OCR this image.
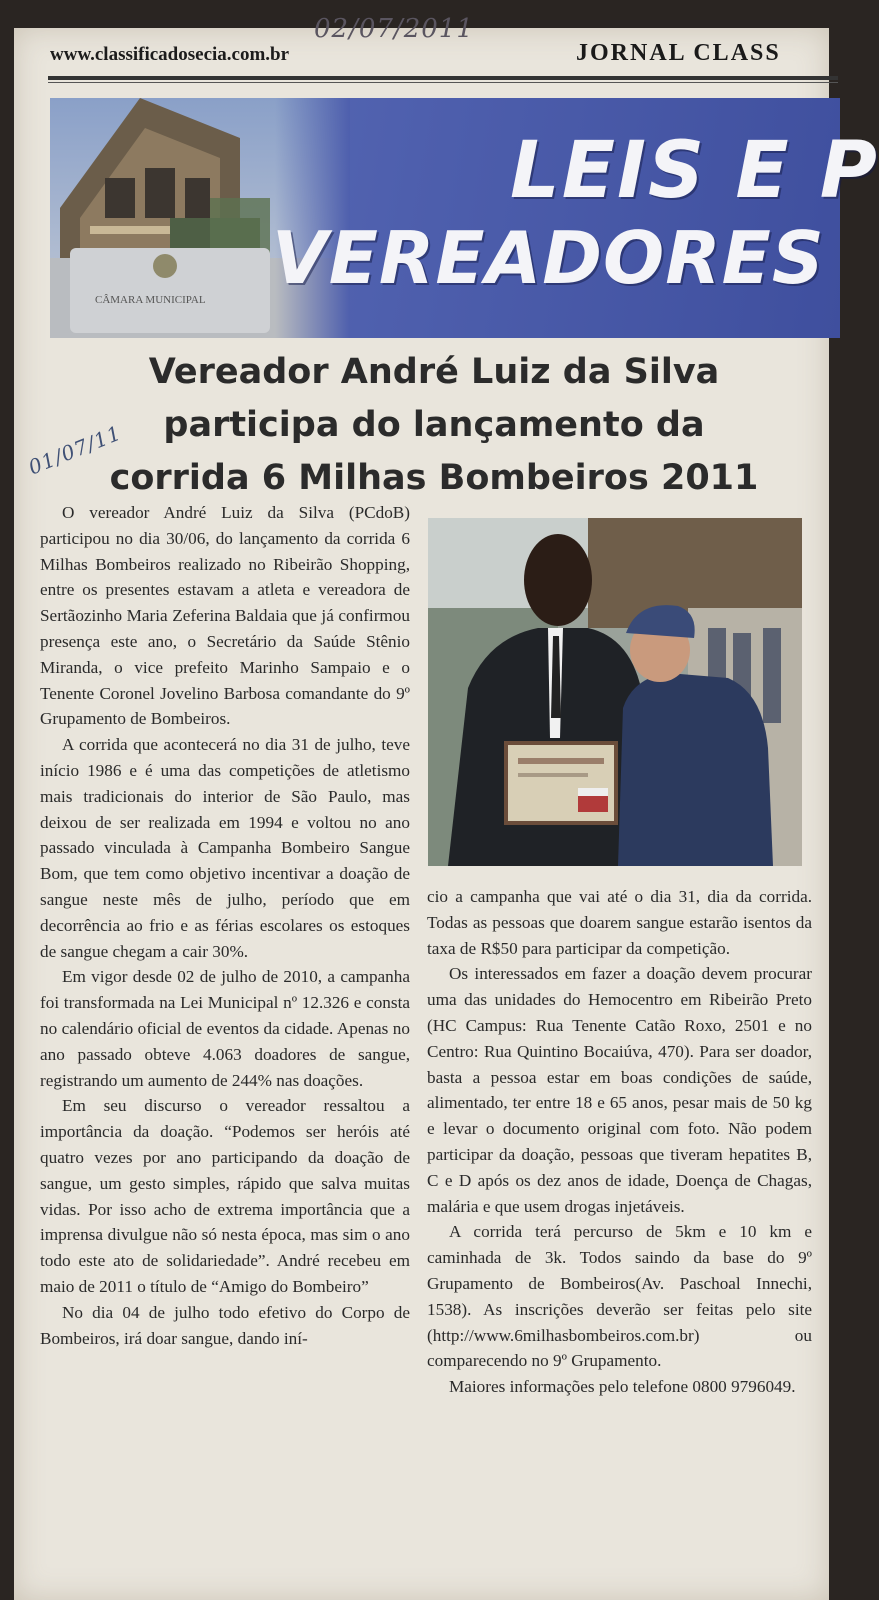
02/07/2011
www.classificadosecia.com.br	JORNAL CLASS
LEIS E P
VEREADORES
01/07/11
Vereador André Luiz da Silva
participa do lançamento da
corrida 6 Milhas Bombeiros 2011

O vereador André Luiz da Silva (PCdoB) participou no dia 30/06, do lançamento da corrida 6 Milhas Bombeiros realizado no Ribeirão Shopping, entre os presentes estavam a atleta e vereadora de Sertãozinho Maria Zeferina Baldaia que já confirmou presença este ano, o Secretário da Saúde Stênio Miranda, o vice prefeito Marinho Sampaio e o Tenente Coronel Jovelino Barbosa comandante do 9º Grupamento de Bombeiros.

A corrida que acontecerá no dia 31 de julho, teve início 1986 e é uma das competições de atletismo mais tradicionais do interior de São Paulo, mas deixou de ser realizada em 1994 e voltou no ano passado vinculada à Campanha Bombeiro Sangue Bom, que tem como objetivo incentivar a doação de sangue neste mês de julho, período que em decorrência ao frio e as férias escolares os estoques de sangue chegam a cair 30%.

Em vigor desde 02 de julho de 2010, a campanha foi transformada na Lei Municipal nº 12.326 e consta no calendário oficial de eventos da cidade. Apenas no ano passado obteve 4.063 doadores de sangue, registrando um aumento de 244% nas doações.

Em seu discurso o vereador ressaltou a importância da doação. “Podemos ser heróis até quatro vezes por ano participando da doação de sangue, um gesto simples, rápido que salva muitas vidas. Por isso acho de extrema importância que a imprensa divulgue não só nesta época, mas sim o ano todo este ato de solidariedade”. André recebeu em maio de 2011 o título de “Amigo do Bombeiro”

No dia 04 de julho todo efetivo do Corpo de Bombeiros, irá doar sangue, dando iní-

cio a campanha que vai até o dia 31, dia da corrida. Todas as pessoas que doarem sangue estarão isentos da taxa de R$50 para participar da competição.

Os interessados em fazer a doação devem procurar uma das unidades do Hemocentro em Ribeirão Preto (HC Campus: Rua Tenente Catão Roxo, 2501 e no Centro: Rua Quintino Bocaiúva, 470). Para ser doador, basta a pessoa estar em boas condições de saúde, alimentado, ter entre 18 e 65 anos, pesar mais de 50 kg e levar o documento original com foto. Não podem participar da doação, pessoas que tiveram hepatites B, C e D após os dez anos de idade, Doença de Chagas, malária e que usem drogas injetáveis.

A corrida terá percurso de 5km e 10 km e caminhada de 3k. Todos saindo da base do 9º Grupamento de Bombeiros(Av. Paschoal Innechi, 1538). As inscrições deverão ser feitas pelo site (http://www.6milhasbombeiros.com.br) ou comparecendo no 9º Grupamento.

Maiores informações pelo telefone 0800 9796049.
